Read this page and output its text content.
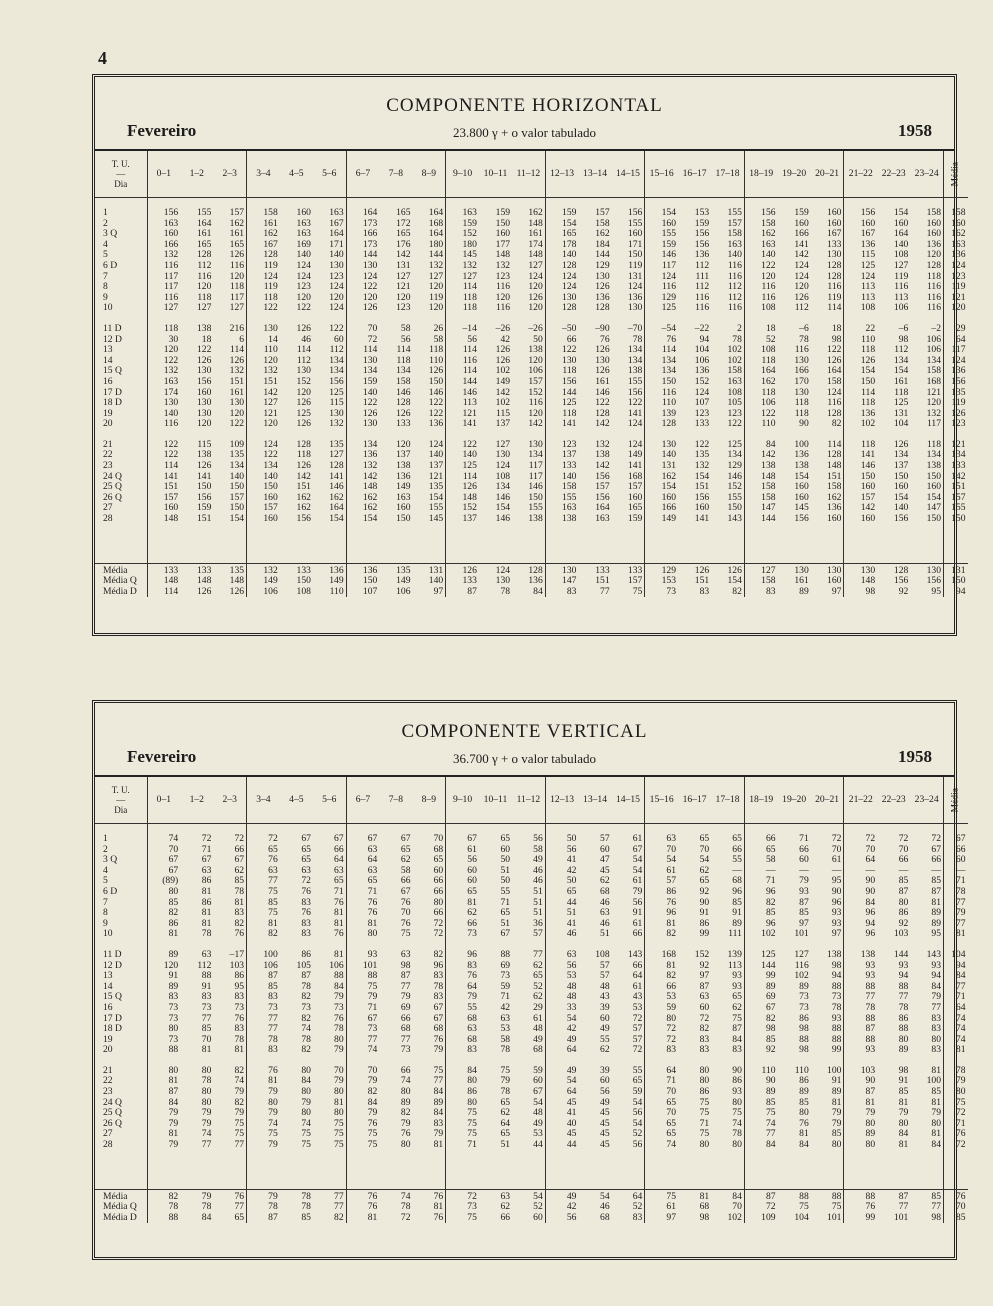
4
COMPONENTE HORIZONTAL
Fevereiro	23.800 γ + o valor tabulado	1958
T. U.
—
Dia	0–1	1–2	2–3	3–4	4–5	5–6	6–7	7–8	8–9	9–10	10–11	11–12	12–13	13–14	14–15	15–16	16–17	17–18	18–19	19–20	20–21	21–22	22–23	23–24	Média

1	156	155	157	158	160	163	164	165	164	163	159	162	159	157	156	154	153	155	156	159	160	156	154	158	158
2	163	164	162	161	163	167	173	172	168	159	150	148	154	158	155	160	159	157	158	160	160	160	160	160	160
3 Q	160	161	161	162	163	164	166	165	164	152	160	161	165	162	160	155	156	158	162	166	167	167	164	160	162
4	166	165	165	167	169	171	173	176	180	180	177	174	178	184	171	159	156	163	163	141	133	136	140	136	163
5	132	128	126	128	140	140	144	142	144	145	148	148	140	144	150	146	136	140	140	142	130	115	108	120	136
6 D	116	112	116	119	124	130	130	131	132	132	132	127	128	129	119	117	112	116	122	124	128	125	127	128	124
7	117	116	120	124	124	123	124	127	127	127	123	124	124	130	131	124	111	116	120	124	128	124	119	118	123
8	117	120	118	119	123	124	122	121	120	114	116	120	124	126	124	116	112	112	116	120	116	113	116	116	119
9	116	118	117	118	120	120	120	120	119	118	120	126	130	136	136	129	116	112	116	126	119	113	113	116	121
10	127	127	127	122	122	124	126	123	120	118	116	120	128	128	130	125	116	116	108	112	114	108	106	116	120

11 D	118	138	216	130	126	122	70	58	26	–14	–26	–26	–50	–90	–70	–54	–22	2	18	–6	18	22	–6	–2	29
12 D	30	18	6	14	46	60	72	56	58	56	42	50	66	76	78	76	94	78	52	78	98	110	98	106	64
13	120	122	114	110	114	112	114	114	118	114	126	138	122	126	134	114	104	102	108	116	122	118	112	106	117
14	122	126	126	120	112	134	130	118	110	116	126	120	130	130	134	134	106	102	118	130	126	126	134	134	124
15 Q	132	130	132	132	130	134	134	134	126	114	102	106	118	126	138	134	136	158	164	166	164	154	154	158	136
16	163	156	151	151	152	156	159	158	150	144	149	157	156	161	155	150	152	163	162	170	158	150	161	168	156
17 D	174	160	161	142	120	125	140	146	146	146	142	152	144	146	156	116	124	108	118	130	124	114	118	121	135
18 D	130	130	130	127	126	115	122	128	122	113	102	116	125	122	122	110	107	105	106	118	116	118	125	120	119
19	140	130	120	121	125	130	126	126	122	121	115	120	118	128	141	139	123	123	122	118	128	136	131	132	126
20	116	120	122	120	126	132	130	133	136	141	137	142	141	142	124	128	133	122	110	90	82	102	104	117	123

21	122	115	109	124	128	135	134	120	124	122	127	130	123	132	124	130	122	125	84	100	114	118	126	118	121
22	122	138	135	122	118	127	136	137	140	140	130	134	137	138	149	140	135	134	142	136	128	141	134	134	134
23	114	126	134	134	126	128	132	138	137	125	124	117	133	142	141	131	132	129	138	138	148	146	137	138	133
24 Q	141	141	140	140	142	141	142	136	121	114	108	117	140	156	168	162	154	146	148	154	151	150	150	150	142
25 Q	151	150	150	150	151	146	148	149	135	126	134	146	158	157	157	154	151	152	158	160	158	160	160	160	151
26 Q	157	156	157	160	162	162	162	163	154	148	146	150	155	156	160	160	156	155	158	160	162	157	154	154	157
27	160	159	150	157	162	164	162	160	155	152	154	155	163	164	165	166	160	150	147	145	136	142	140	147	155
28	148	151	154	160	156	154	154	150	145	137	146	138	138	163	159	149	141	143	144	156	160	160	156	150	150

Média	133	133	135	132	133	136	136	135	131	126	124	128	130	133	133	129	126	126	127	130	130	130	128	130	131
Média Q	148	148	148	149	150	149	150	149	140	133	130	136	147	151	157	153	151	154	158	161	160	148	156	156	150
Média D	114	126	126	106	108	110	107	106	97	87	78	84	83	77	75	73	83	82	83	89	97	98	92	95	94
COMPONENTE VERTICAL
Fevereiro	36.700 γ + o valor tabulado	1958
T. U.
—
Dia	0–1	1–2	2–3	3–4	4–5	5–6	6–7	7–8	8–9	9–10	10–11	11–12	12–13	13–14	14–15	15–16	16–17	17–18	18–19	19–20	20–21	21–22	22–23	23–24	Média

1	74	72	72	72	67	67	67	67	70	67	65	56	50	57	61	63	65	65	66	71	72	72	72	72	67
2	70	71	66	65	65	66	63	65	68	61	60	58	56	60	67	70	70	66	65	66	70	70	70	67	66
3 Q	67	67	67	76	65	64	64	62	65	56	50	49	41	47	54	54	54	55	58	60	61	64	66	66	60
4	67	63	62	63	63	63	63	58	60	60	51	46	42	45	54	61	62	—	—	—	—	—	—	—	—
5	(89)	86	85	77	72	65	65	66	66	60	50	46	50	62	61	57	65	68	71	79	95	90	85	85	71
6 D	80	81	78	75	76	71	71	67	66	65	55	51	65	68	79	86	92	96	96	93	90	90	87	87	78
7	85	86	81	85	83	76	76	76	80	81	71	51	44	46	56	76	90	85	82	87	96	84	80	81	77
8	82	81	83	75	76	81	76	70	66	62	65	51	51	63	91	96	91	91	85	85	93	96	86	89	79
9	86	81	82	81	83	81	81	76	72	66	51	36	41	46	61	81	86	89	96	97	93	94	92	89	77
10	81	78	76	82	83	76	80	75	72	73	67	57	46	51	66	82	99	111	102	101	97	96	103	95	81

11 D	89	63	–17	100	86	81	93	63	82	96	88	77	63	108	143	168	152	139	125	127	138	138	144	143	104
12 D	120	112	103	106	105	106	101	98	96	83	69	62	56	57	66	81	92	113	144	116	98	93	93	93	94
13	91	88	86	87	87	88	88	87	83	76	73	65	53	57	64	82	97	93	99	102	94	93	94	94	84
14	89	91	95	85	78	84	75	77	78	64	59	52	48	48	61	66	87	93	89	89	88	88	88	84	77
15 Q	83	83	83	83	82	79	79	79	83	79	71	62	48	43	43	53	63	65	69	73	73	77	77	79	71
16	73	73	73	73	73	73	71	69	67	55	42	29	33	39	53	59	60	62	67	73	78	78	78	77	64
17 D	73	77	76	77	82	76	67	66	67	68	63	61	54	60	72	80	72	75	82	86	93	88	86	83	74
18 D	80	85	83	77	74	78	73	68	68	63	53	48	42	49	57	72	82	87	98	98	88	87	88	83	74
19	73	70	78	78	78	80	77	77	76	68	58	49	49	55	57	72	83	84	85	88	88	88	80	80	74
20	88	81	81	83	82	79	74	73	79	83	78	68	64	62	72	83	83	83	92	98	99	93	89	83	81

21	80	80	82	76	80	70	70	66	75	84	75	59	49	39	55	64	80	90	110	110	100	103	98	81	78
22	81	78	74	81	84	79	79	74	77	80	79	60	54	60	65	71	80	86	90	86	91	90	91	100	79
23	87	80	79	79	80	80	82	80	84	86	78	67	64	56	59	70	86	93	89	89	89	87	85	85	80
24 Q	84	80	82	80	79	81	84	89	89	80	65	54	45	49	54	65	75	80	85	85	81	81	81	81	75
25 Q	79	79	79	79	80	80	79	82	84	75	62	48	41	45	56	70	75	75	75	80	79	79	79	79	72
26 Q	79	79	75	74	74	75	76	79	83	75	64	49	40	45	54	65	71	74	74	76	79	80	80	80	71
27	81	74	75	75	75	75	75	76	79	75	65	53	45	45	52	65	75	78	77	81	85	89	84	81	76
28	79	77	77	79	75	75	75	80	81	71	51	44	44	45	56	74	80	80	84	84	80	80	81	84	72

Média	82	79	76	79	78	77	76	74	76	72	63	54	49	54	64	75	81	84	87	88	88	88	87	85	76
Média Q	78	78	77	78	78	77	76	78	81	73	62	52	42	46	52	61	68	70	72	75	75	76	77	77	70
Média D	88	84	65	87	85	82	81	72	76	75	66	60	56	68	83	97	98	102	109	104	101	99	101	98	85
